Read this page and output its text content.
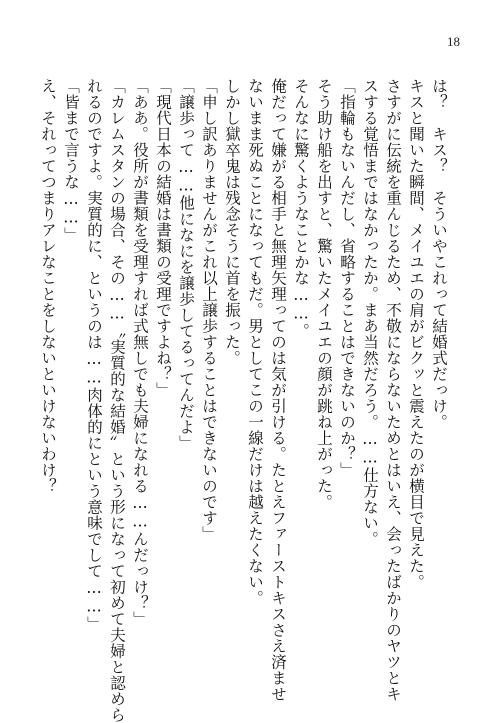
18
は？　キス？　そういやこれって結婚式だっけ。
キスと聞いた瞬間、メイユエの肩がビクッと震えたのが横目で見えた。
さすがに伝統を重んじるため、不敬にならないためとはいえ、会ったばかりのヤツとキ
スする覚悟まではなかったか。まあ当然だろう。……仕方ない。
「指輪もないんだし、省略することはできないのか？」
そう助け船を出すと、驚いたメイユエの顔が跳ね上がった。
そんなに驚くようなことかな……。
俺だって嫌がる相手と無理矢理ってのは気が引ける。たとえファーストキスさえ済ませ
ないまま死ぬことになってもだ。男としてこの一線だけは越えたくない。
しかし獄卒鬼は残念そうに首を振った。
「申し訳ありませんがこれ以上譲歩することはできないのです」
「譲歩って……他になにを譲歩してるってんだよ」
「現代日本の結婚は書類の受理ですよね？」
「ああ。役所が書類を受理すれば式無しでも夫婦になれる……んだっけ？」
「カレムスタンの場合、その……〝実質的な結婚〟という形になって初めて夫婦と認めら
れるのですよ。実質的に、というのは……肉体的にという意味でして……」
「皆まで言うな……」
え、それってつまりアレなことをしないといけないわけ？
